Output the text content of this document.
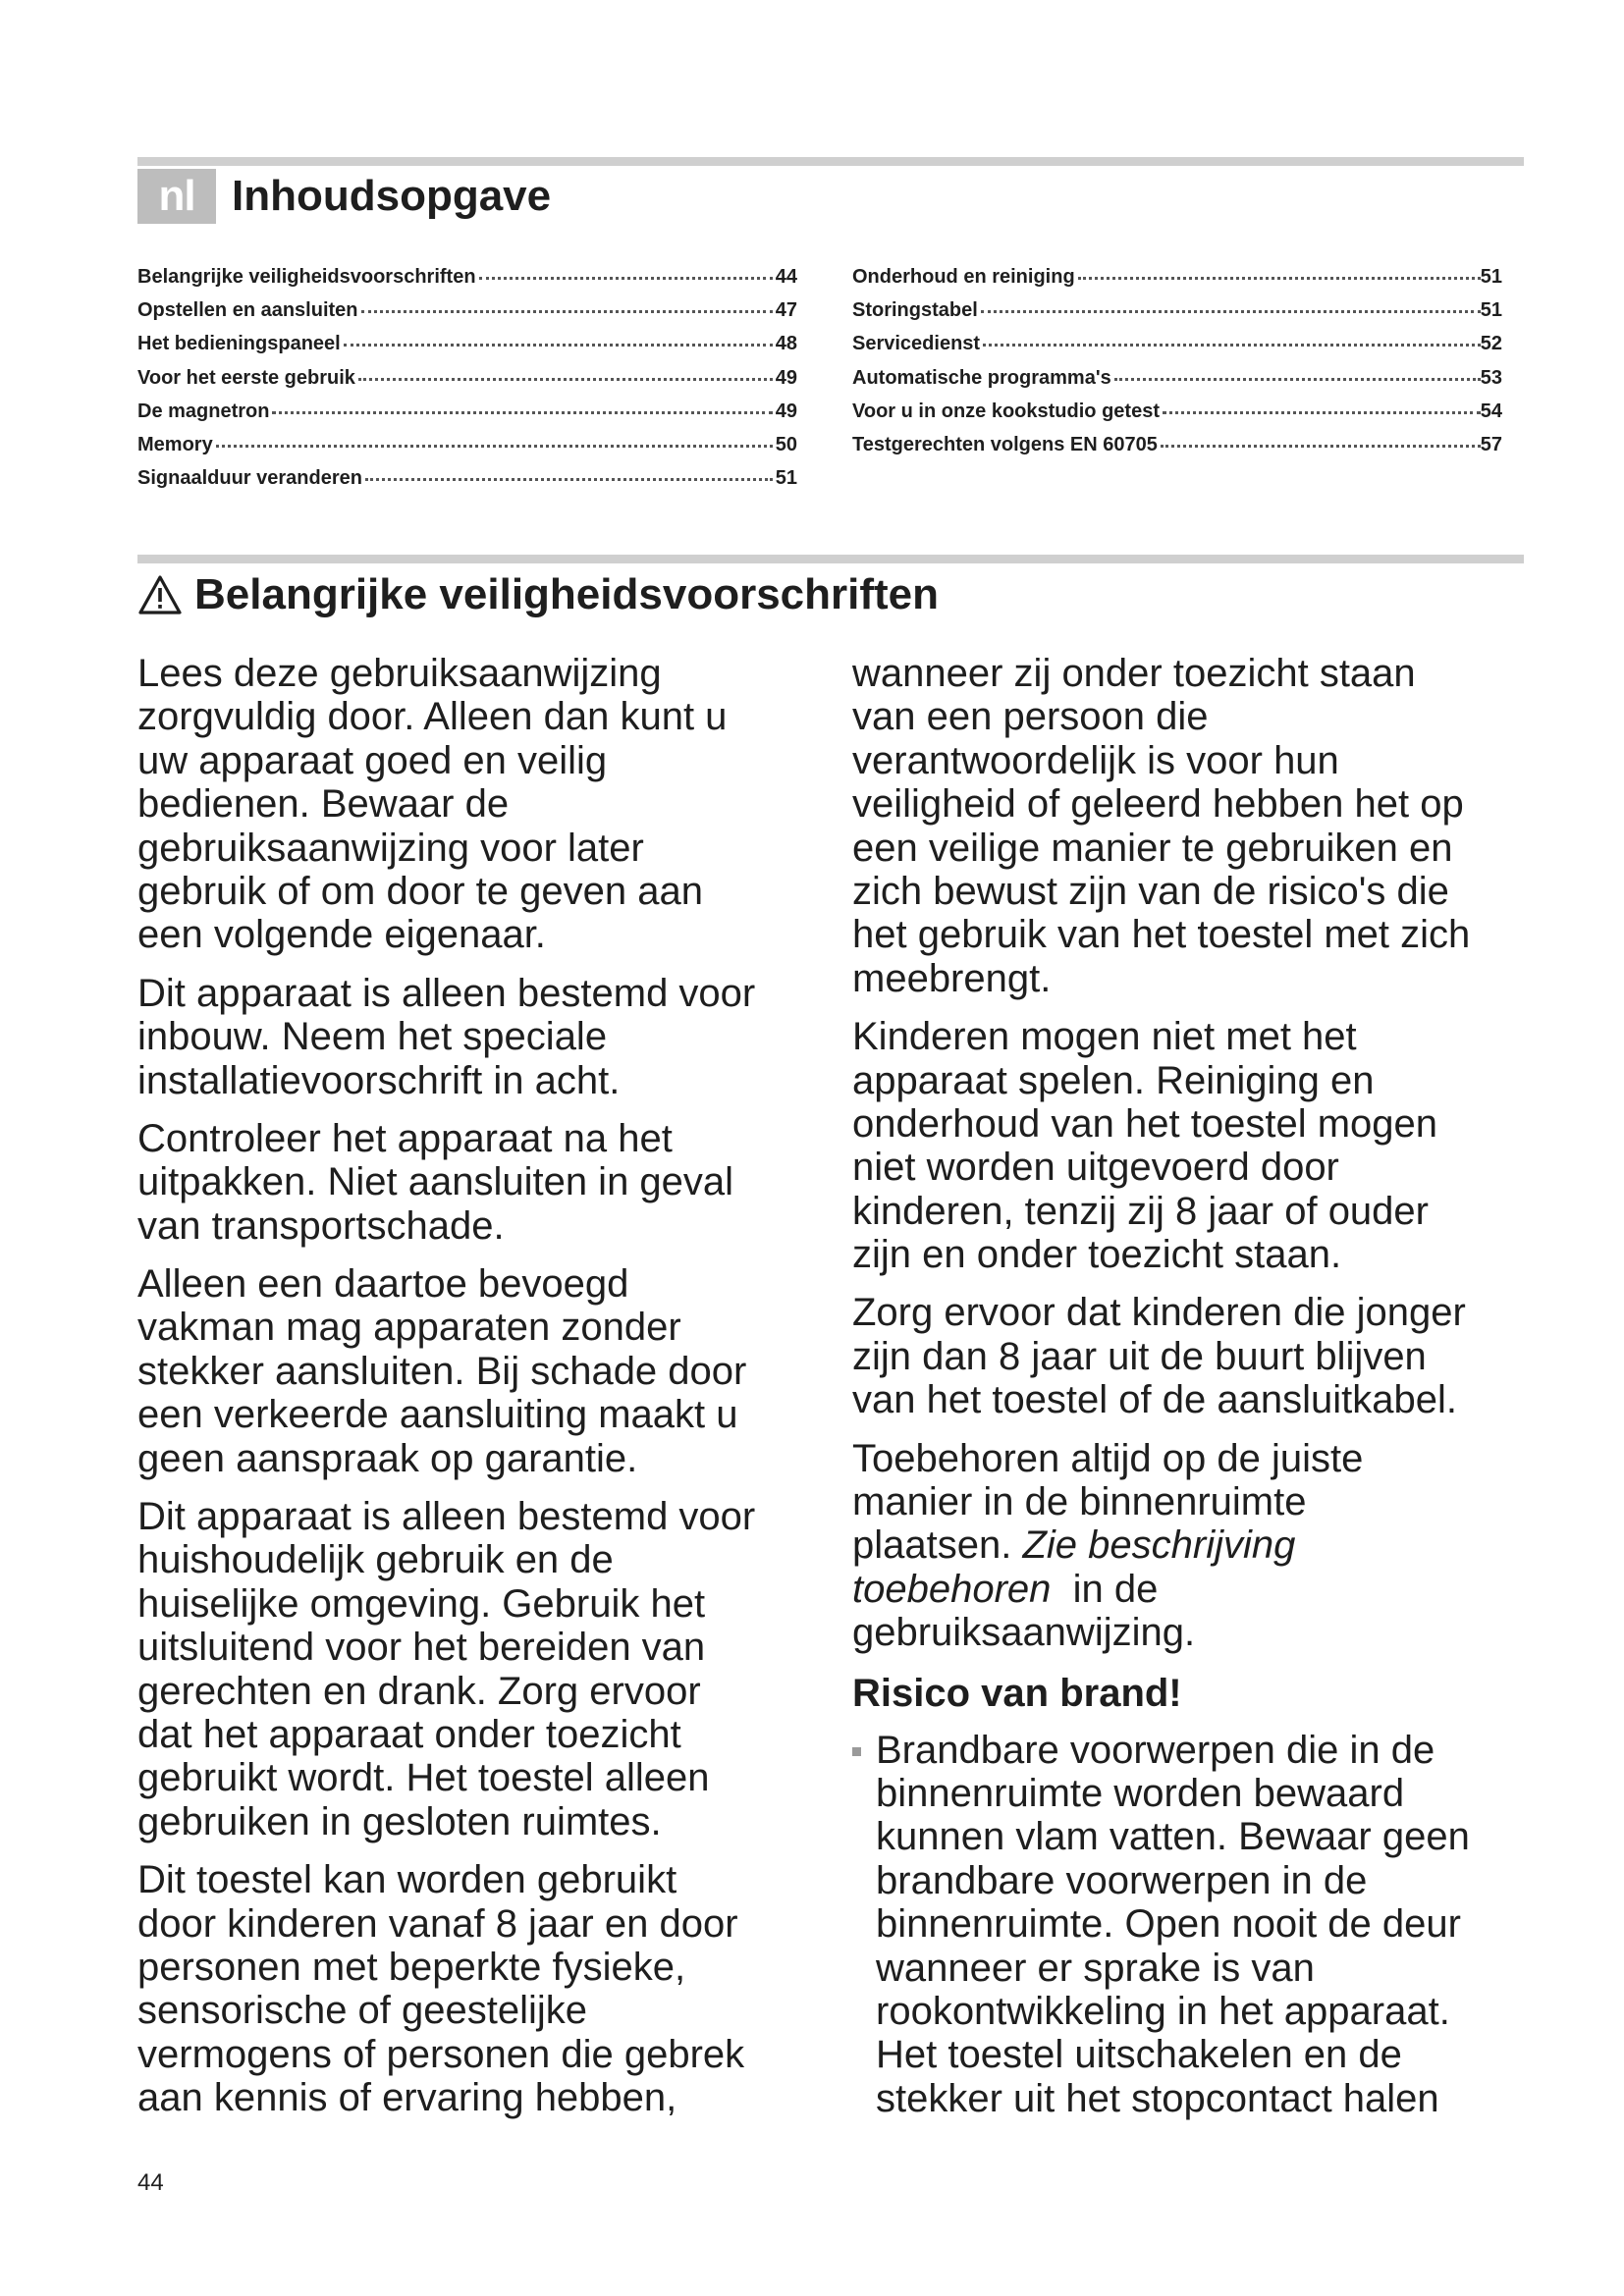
nl Inhoudsopgave
Belangrijke veiligheidsvoorschriften	44
Opstellen en aansluiten	47
Het bedieningspaneel	48
Voor het eerste gebruik	49
De magnetron	49
Memory	50
Signaalduur veranderen	51
Onderhoud en reiniging	51
Storingstabel	51
Servicedienst	52
Automatische programma's	53
Voor u in onze kookstudio getest	54
Testgerechten volgens EN 60705	57
Belangrijke veiligheidsvoorschriften
Lees deze gebruiksaanwijzing
zorgvuldig door. Alleen dan kunt u
uw apparaat goed en veilig
bedienen. Bewaar de
gebruiksaanwijzing voor later
gebruik of om door te geven aan
een volgende eigenaar.
Dit apparaat is alleen bestemd voor
inbouw. Neem het speciale
installatievoorschrift in acht.
Controleer het apparaat na het
uitpakken. Niet aansluiten in geval
van transportschade.
Alleen een daartoe bevoegd
vakman mag apparaten zonder
stekker aansluiten. Bij schade door
een verkeerde aansluiting maakt u
geen aanspraak op garantie.
Dit apparaat is alleen bestemd voor
huishoudelijk gebruik en de
huiselijke omgeving. Gebruik het
uitsluitend voor het bereiden van
gerechten en drank. Zorg ervoor
dat het apparaat onder toezicht
gebruikt wordt. Het toestel alleen
gebruiken in gesloten ruimtes.
Dit toestel kan worden gebruikt
door kinderen vanaf 8 jaar en door
personen met beperkte fysieke,
sensorische of geestelijke
vermogens of personen die gebrek
aan kennis of ervaring hebben,
wanneer zij onder toezicht staan
van een persoon die
verantwoordelijk is voor hun
veiligheid of geleerd hebben het op
een veilige manier te gebruiken en
zich bewust zijn van de risico's die
het gebruik van het toestel met zich
meebrengt.
Kinderen mogen niet met het
apparaat spelen. Reiniging en
onderhoud van het toestel mogen
niet worden uitgevoerd door
kinderen, tenzij zij 8 jaar of ouder
zijn en onder toezicht staan.
Zorg ervoor dat kinderen die jonger
zijn dan 8 jaar uit de buurt blijven
van het toestel of de aansluitkabel.
Toebehoren altijd op de juiste
manier in de binnenruimte
plaatsen. Zie beschrijving
toebehoren  in de
gebruiksaanwijzing.
Risico van brand!
Brandbare voorwerpen die in de
binnenruimte worden bewaard
kunnen vlam vatten. Bewaar geen
brandbare voorwerpen in de
binnenruimte. Open nooit de deur
wanneer er sprake is van
rookontwikkeling in het apparaat.
Het toestel uitschakelen en de
stekker uit het stopcontact halen
44
